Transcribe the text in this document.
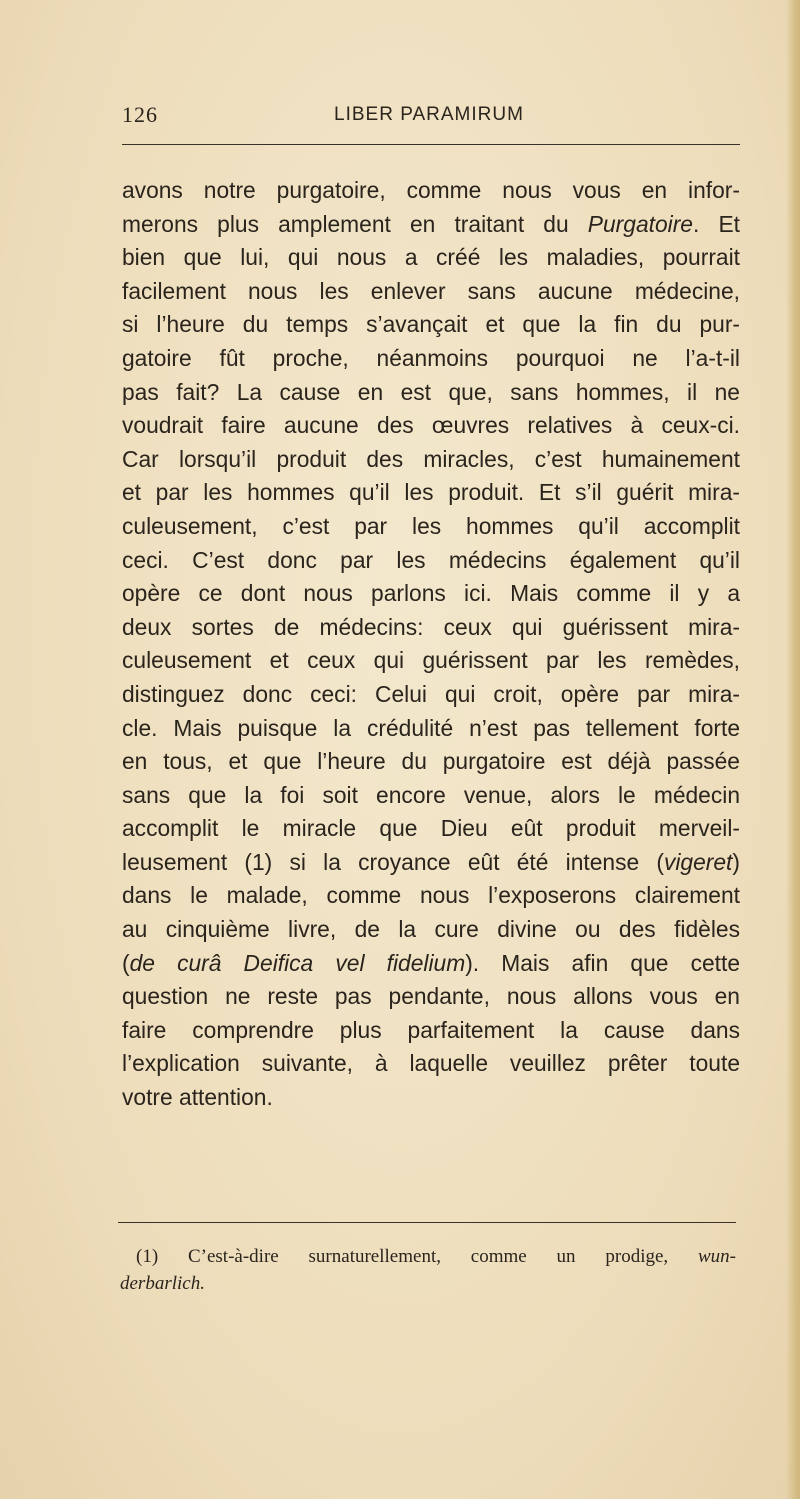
126	LIBER PARAMIRUM
avons notre purgatoire, comme nous vous en infor-
merons plus amplement en traitant du Purgatoire. Et
bien que lui, qui nous a créé les maladies, pourrait
facilement nous les enlever sans aucune médecine,
si l’heure du temps s’avançait et que la fin du pur-
gatoire fût proche, néanmoins pourquoi ne l’a-t-il
pas fait? La cause en est que, sans hommes, il ne
voudrait faire aucune des œuvres relatives à ceux-ci.
Car lorsqu’il produit des miracles, c’est humainement
et par les hommes qu’il les produit. Et s’il guérit mira-
culeusement, c’est par les hommes qu’il accomplit
ceci. C’est donc par les médecins également qu’il
opère ce dont nous parlons ici. Mais comme il y a
deux sortes de médecins: ceux qui guérissent mira-
culeusement et ceux qui guérissent par les remèdes,
distinguez donc ceci: Celui qui croit, opère par mira-
cle. Mais puisque la crédulité n’est pas tellement forte
en tous, et que l’heure du purgatoire est déjà passée
sans que la foi soit encore venue, alors le médecin
accomplit le miracle que Dieu eût produit merveil-
leusement (1) si la croyance eût été intense (vigeret)
dans le malade, comme nous l’exposerons clairement
au cinquième livre, de la cure divine ou des fidèles
(de curâ Deifica vel fidelium). Mais afin que cette
question ne reste pas pendante, nous allons vous en
faire comprendre plus parfaitement la cause dans
l’explication suivante, à laquelle veuillez prêter toute
votre attention.
(1) C’est-à-dire surnaturellement, comme un prodige, wun-
derbarlich.
